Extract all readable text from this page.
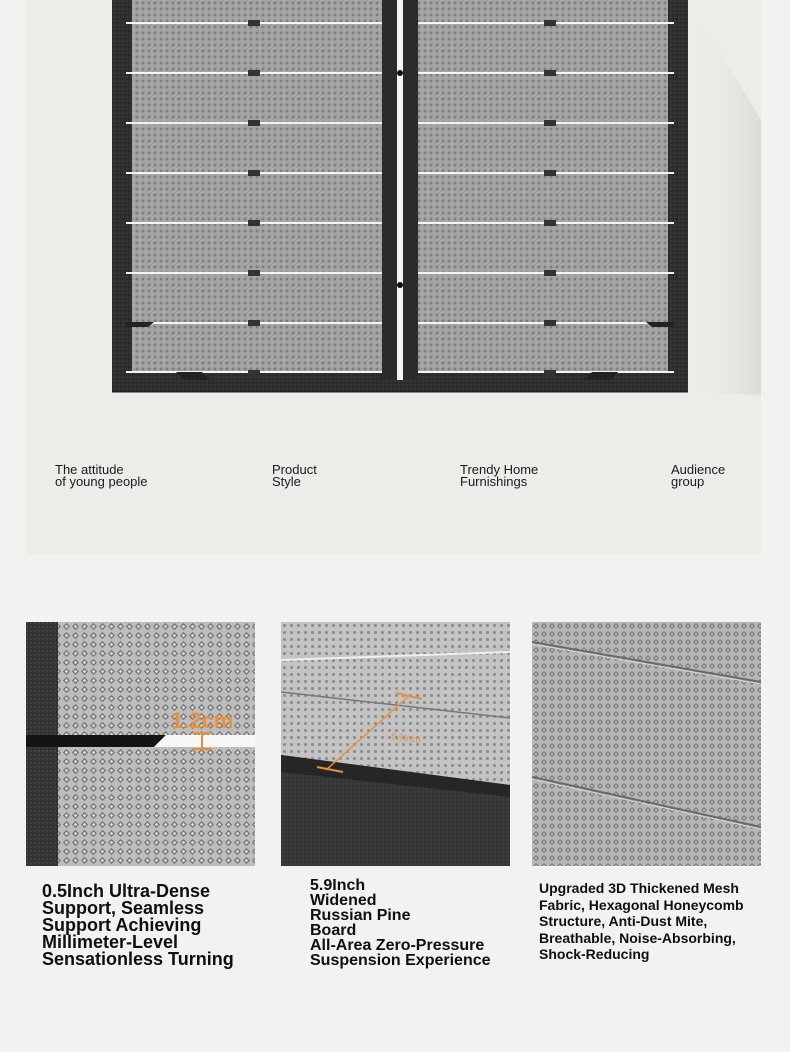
The attitude
of young people
Product
Style
Trendy Home
Furnishings
Audience
group
1.2cm
5.9Inch
0.5Inch Ultra-Dense
Support, Seamless
Support Achieving
Millimeter-Level
Sensationless Turning
5.9Inch
Widened
Russian Pine
Board
All-Area Zero-Pressure
Suspension Experience
Upgraded 3D Thickened Mesh
Fabric, Hexagonal Honeycomb
Structure, Anti-Dust Mite,
Breathable, Noise-Absorbing,
Shock-Reducing
